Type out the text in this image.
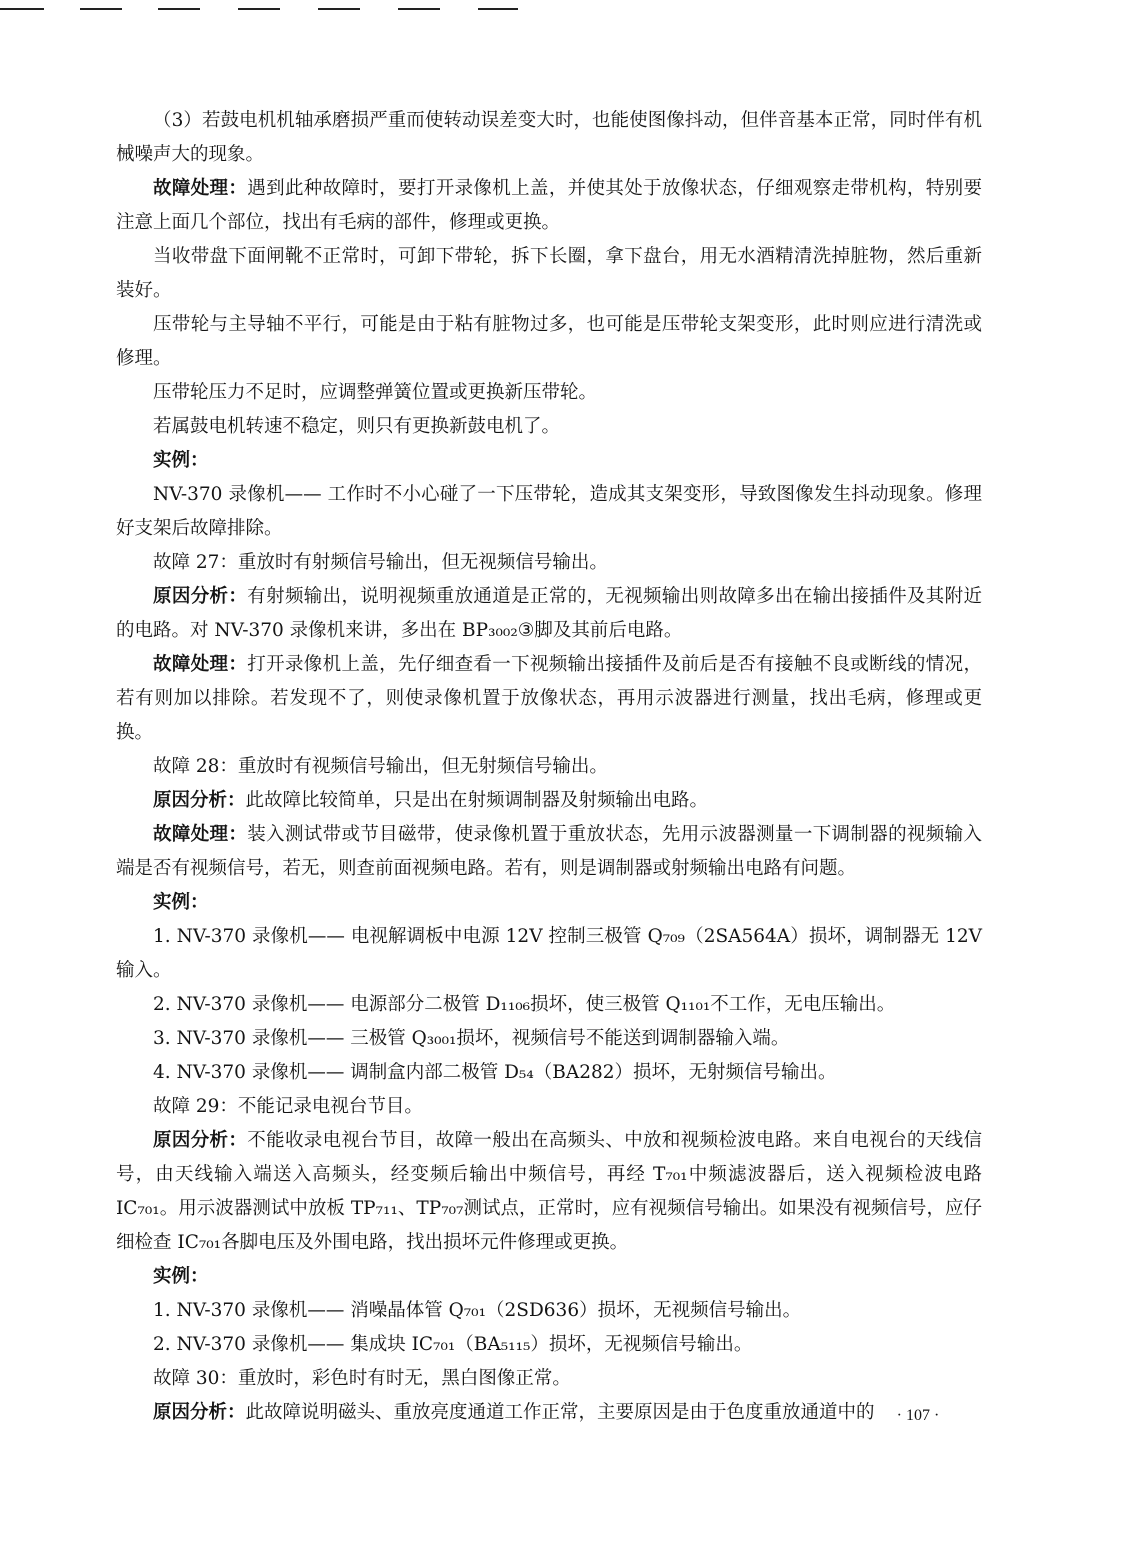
（3）若鼓电机机轴承磨损严重而使转动误差变大时，也能使图像抖动，但伴音基本正常，同时伴有机械噪声大的现象。

故障处理：遇到此种故障时，要打开录像机上盖，并使其处于放像状态，仔细观察走带机构，特别要注意上面几个部位，找出有毛病的部件，修理或更换。

当收带盘下面闸靴不正常时，可卸下带轮，拆下长圈，拿下盘台，用无水酒精清洗掉脏物，然后重新装好。

压带轮与主导轴不平行，可能是由于粘有脏物过多，也可能是压带轮支架变形，此时则应进行清洗或修理。

压带轮压力不足时，应调整弹簧位置或更换新压带轮。

若属鼓电机转速不稳定，则只有更换新鼓电机了。

实例：

NV-370 录像机—— 工作时不小心碰了一下压带轮，造成其支架变形，导致图像发生抖动现象。修理好支架后故障排除。

故障 27：重放时有射频信号输出，但无视频信号输出。

原因分析：有射频输出，说明视频重放通道是正常的，无视频输出则故障多出在输出接插件及其附近的电路。对 NV-370 录像机来讲，多出在 BP₃₀₀₂③脚及其前后电路。

故障处理：打开录像机上盖，先仔细查看一下视频输出接插件及前后是否有接触不良或断线的情况，若有则加以排除。若发现不了，则使录像机置于放像状态，再用示波器进行测量，找出毛病，修理或更换。

故障 28：重放时有视频信号输出，但无射频信号输出。

原因分析：此故障比较简单，只是出在射频调制器及射频输出电路。

故障处理：装入测试带或节目磁带，使录像机置于重放状态，先用示波器测量一下调制器的视频输入端是否有视频信号，若无，则查前面视频电路。若有，则是调制器或射频输出电路有问题。

实例：

1. NV-370 录像机—— 电视解调板中电源 12V 控制三极管 Q₇₀₉（2SA564A）损坏，调制器无 12V 输入。

2. NV-370 录像机—— 电源部分二极管 D₁₁₀₆损坏，使三极管 Q₁₁₀₁不工作，无电压输出。

3. NV-370 录像机—— 三极管 Q₃₀₀₁损坏，视频信号不能送到调制器输入端。

4. NV-370 录像机—— 调制盒内部二极管 D₅₄（BA282）损坏，无射频信号输出。

故障 29：不能记录电视台节目。

原因分析：不能收录电视台节目，故障一般出在高频头、中放和视频检波电路。来自电视台的天线信号，由天线输入端送入高频头，经变频后输出中频信号，再经 T₇₀₁中频滤波器后，送入视频检波电路 IC₇₀₁。用示波器测试中放板 TP₇₁₁、TP₇₀₇测试点，正常时，应有视频信号输出。如果没有视频信号，应仔细检查 IC₇₀₁各脚电压及外围电路，找出损坏元件修理或更换。

实例：

1. NV-370 录像机—— 消噪晶体管 Q₇₀₁（2SD636）损坏，无视频信号输出。

2. NV-370 录像机—— 集成块 IC₇₀₁（BA₅₁₁₅）损坏，无视频信号输出。

故障 30：重放时，彩色时有时无，黑白图像正常。

原因分析：此故障说明磁头、重放亮度通道工作正常，主要原因是由于色度重放通道中的	· 107 ·
